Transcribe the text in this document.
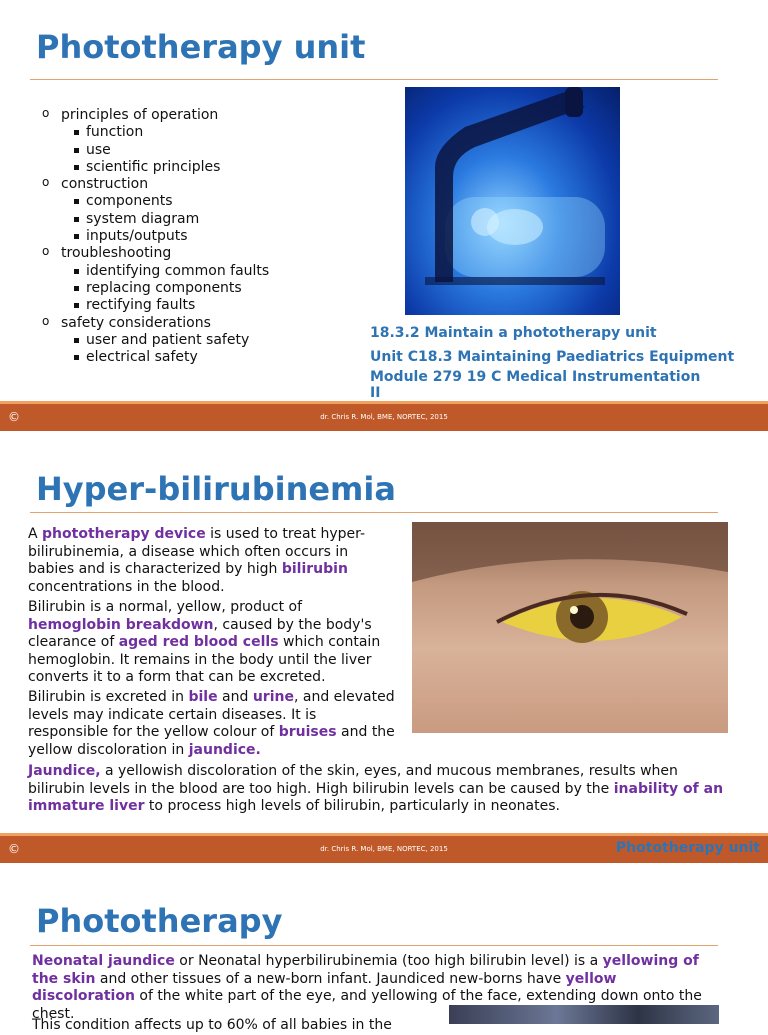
Phototherapy unit
o principles of operation
function
use
scientific principles
o construction
components
system diagram
inputs/outputs
o troubleshooting
identifying common faults
replacing components
rectifying faults
o safety considerations
user and patient safety
electrical safety
18.3.2 Maintain a phototherapy unit
Unit C18.3 Maintaining Paediatrics Equipment
Module 279 19 C Medical Instrumentation
II
©	dr. Chris R. Mol, BME, NORTEC, 2015
Hyper-bilirubinemia
A phototherapy device is used to treat hyper-bilirubinemia, a disease which often occurs in babies and is characterized by high bilirubin concentrations in the blood.
Bilirubin is a normal, yellow, product of hemoglobin breakdown, caused by the body's clearance of aged red blood cells which contain hemoglobin. It remains in the body until the liver converts it to a form that can be excreted.
Bilirubin is excreted in bile and urine, and elevated levels may indicate certain diseases. It is responsible for the yellow colour of bruises and the yellow discoloration in jaundice.
Jaundice, a yellowish discoloration of the skin, eyes, and mucous membranes, results when bilirubin levels in the blood are too high. High bilirubin levels can be caused by the inability of an immature liver to process high levels of bilirubin, particularly in neonates.
©	dr. Chris R. Mol, BME, NORTEC, 2015	Phototherapy unit
Phototherapy
Neonatal jaundice or Neonatal hyperbilirubinemia (too high bilirubin level) is a yellowing of the skin and other tissues of a new-born infant. Jaundiced new-borns have yellow discoloration of the white part of the eye, and yellowing of the face, extending down onto the chest.
This condition affects up to 60% of all babies in the
